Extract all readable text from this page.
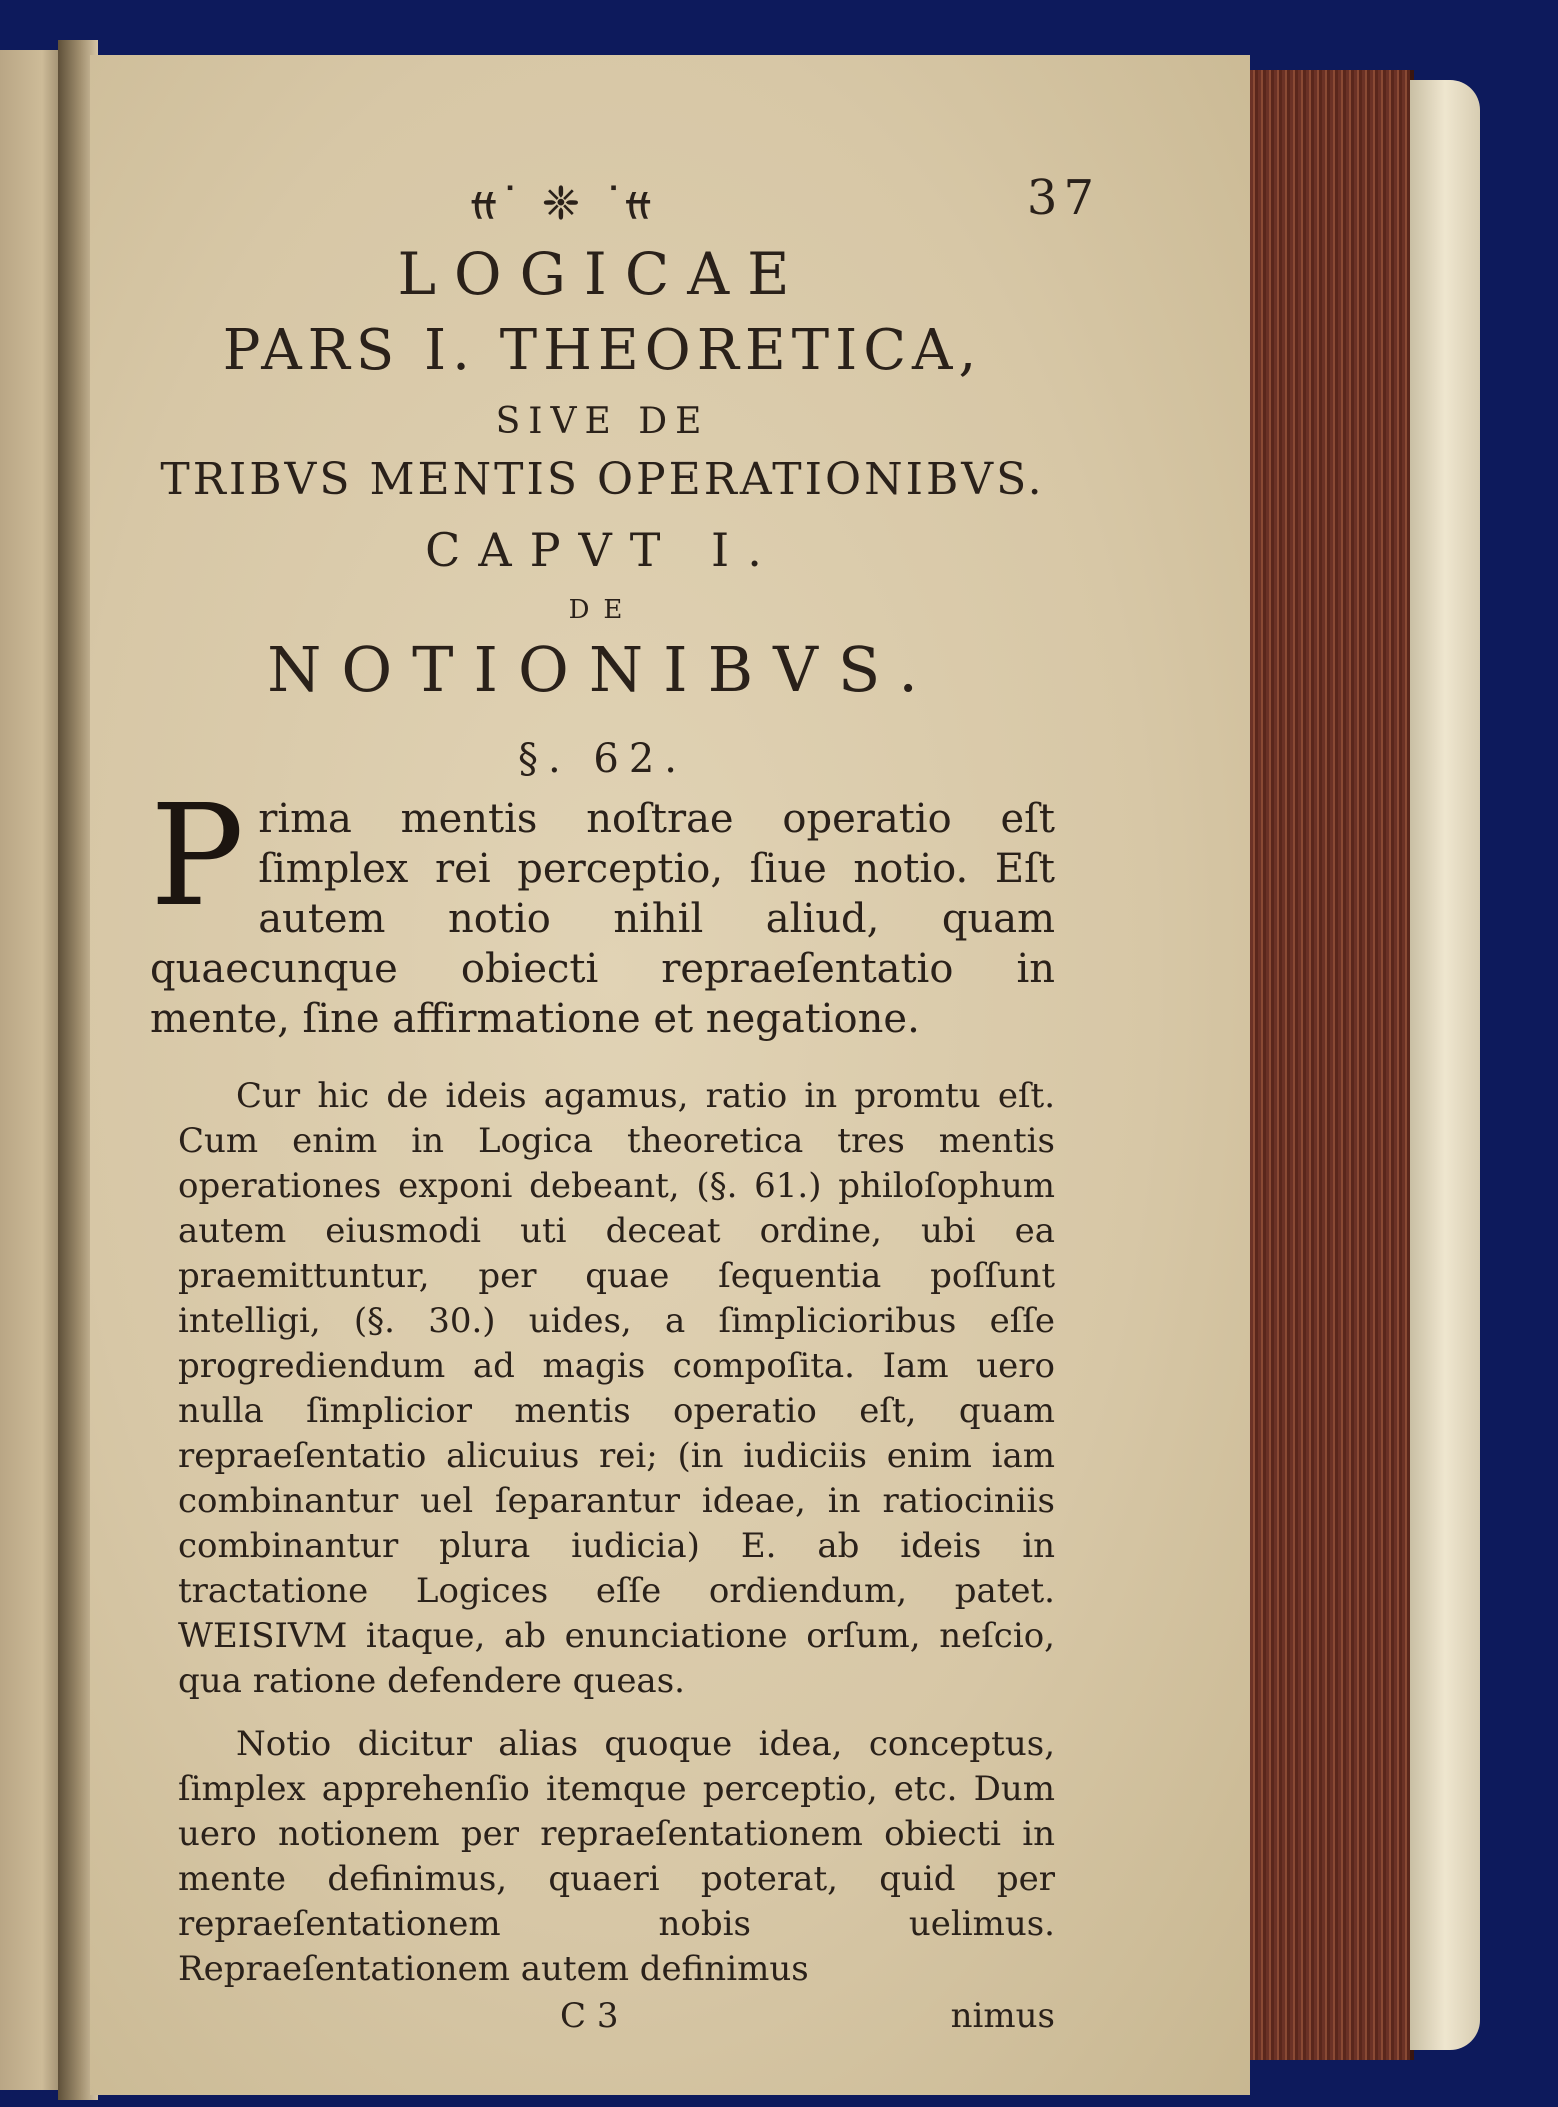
ᰙᐝ ❈ ᐝᰙ	37
LOGICAE
PARS I. THEORETICA,
SIVE DE
TRIBVS MENTIS OPERATIONIBVS.
CAPVT I.
DE
NOTIONIBVS.
§. 62.
P rima mentis noſtrae operatio eſt ſimplex rei perceptio, ſiue notio. Eſt autem notio nihil aliud, quam quaecunque obiecti repraeſentatio in mente, ſine affirmatione et negatione.
Cur hic de ideis agamus, ratio in promtu eſt. Cum enim in Logica theoretica tres mentis operationes exponi debeant, (§. 61.) philoſophum autem eiusmodi uti deceat ordine, ubi ea praemittuntur, per quae ſequentia poſſunt intelligi, (§. 30.) uides, a ſimplicioribus eſſe progrediendum ad magis compoſita. Iam uero nulla ſimplicior mentis operatio eſt, quam repraeſentatio alicuius rei; (in iudiciis enim iam combinantur uel ſeparantur ideae, in ratiociniis combinantur plura iudicia) E. ab ideis in tractatione Logices eſſe ordiendum, patet. WEISIVM itaque, ab enunciatione orſum, neſcio, qua ratione defendere queas.
Notio dicitur alias quoque idea, conceptus, ſimplex apprehenſio itemque perceptio, etc. Dum uero notionem per repraeſentationem obiecti in mente definimus, quaeri poterat, quid per repraeſentationem nobis uelimus. Repraeſentationem autem definimus
C 3	nimus
